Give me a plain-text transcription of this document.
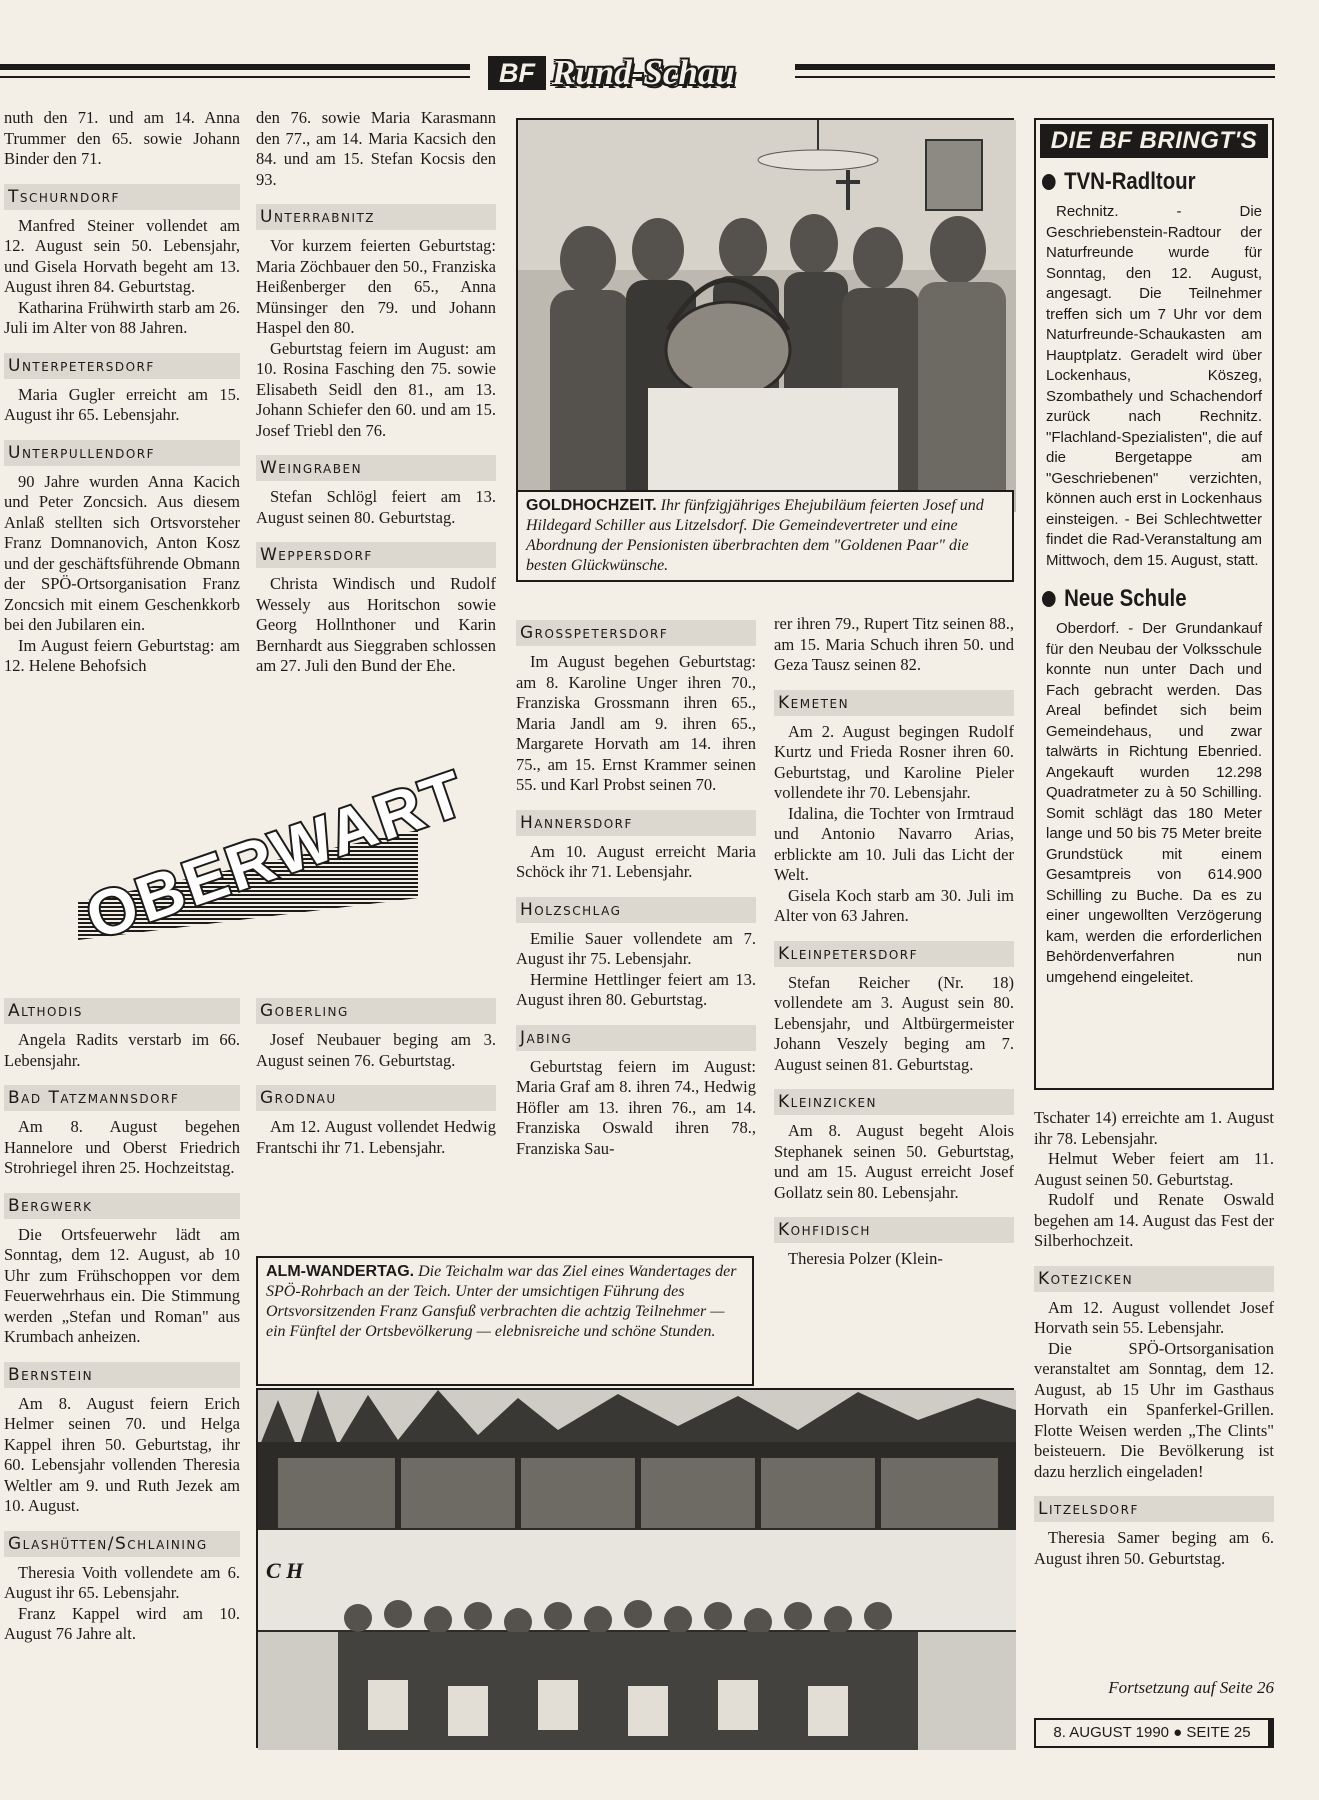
BF Rund-Schau

nuth den 71. und am 14. Anna Trummer den 65. sowie Johann Binder den 71.

Tschurndorf

Manfred Steiner vollendet am 12. August sein 50. Lebensjahr, und Gisela Horvath begeht am 13. August ihren 84. Geburtstag.

Katharina Frühwirth starb am 26. Juli im Alter von 88 Jahren.

Unterpetersdorf

Maria Gugler erreicht am 15. August ihr 65. Lebensjahr.

Unterpullendorf

90 Jahre wurden Anna Kacich und Peter Zoncsich. Aus diesem Anlaß stellten sich Ortsvorsteher Franz Domnanovich, Anton Kosz und der geschäftsführende Obmann der SPÖ-Ortsorganisation Franz Zoncsich mit einem Geschenkkorb bei den Jubilaren ein.

Im August feiern Geburtstag: am 12. Helene Behofsich

den 76. sowie Maria Karasmann den 77., am 14. Maria Kacsich den 84. und am 15. Stefan Kocsis den 93.

Unterrabnitz

Vor kurzem feierten Geburtstag: Maria Zöchbauer den 50., Franziska Heißenberger den 65., Anna Münsinger den 79. und Johann Haspel den 80.

Geburtstag feiern im August: am 10. Rosina Fasching den 75. sowie Elisabeth Seidl den 81., am 13. Johann Schiefer den 60. und am 15. Josef Triebl den 76.

Weingraben

Stefan Schlögl feiert am 13. August seinen 80. Geburtstag.

Weppersdorf

Christa Windisch und Rudolf Wessely aus Horitschon sowie Georg Hollnthoner und Karin Bernhardt aus Sieggraben schlossen am 27. Juli den Bund der Ehe.

OBERWART
Althodis

Angela Radits verstarb im 66. Lebensjahr.

Bad Tatzmannsdorf

Am 8. August begehen Hannelore und Oberst Friedrich Strohriegel ihren 25. Hochzeitstag.

Bergwerk

Die Ortsfeuerwehr lädt am Sonntag, dem 12. August, ab 10 Uhr zum Frühschoppen vor dem Feuerwehrhaus ein. Die Stimmung werden „Stefan und Roman" aus Krumbach anheizen.

Bernstein

Am 8. August feiern Erich Helmer seinen 70. und Helga Kappel ihren 50. Geburtstag, ihr 60. Lebensjahr vollenden Theresia Weltler am 9. und Ruth Jezek am 10. August.

Glashütten/Schlaining

Theresia Voith vollendete am 6. August ihr 65. Lebensjahr.

Franz Kappel wird am 10. August 76 Jahre alt.

Goberling

Josef Neubauer beging am 3. August seinen 76. Geburtstag.

Grodnau

Am 12. August vollendet Hedwig Frantschi ihr 71. Lebensjahr.

GOLDHOCHZEIT. Ihr fünfzigjähriges Ehejubiläum feierten Josef und Hildegard Schiller aus Litzelsdorf. Die Gemeindevertreter und eine Abordnung der Pensionisten überbrachten dem "Goldenen Paar" die besten Glückwünsche.
Grosspetersdorf

Im August begehen Geburtstag: am 8. Karoline Unger ihren 70., Franziska Grossmann ihren 65., Maria Jandl am 9. ihren 65., Margarete Horvath am 14. ihren 75., am 15. Ernst Krammer seinen 55. und Karl Probst seinen 70.

Hannersdorf

Am 10. August erreicht Maria Schöck ihr 71. Lebensjahr.

Holzschlag

Emilie Sauer vollendete am 7. August ihr 75. Lebensjahr.

Hermine Hettlinger feiert am 13. August ihren 80. Geburtstag.

Jabing

Geburtstag feiern im August: Maria Graf am 8. ihren 74., Hedwig Höfler am 13. ihren 76., am 14. Franziska Oswald ihren 78., Franziska Sau-

rer ihren 79., Rupert Titz seinen 88., am 15. Maria Schuch ihren 50. und Geza Tausz seinen 82.

Kemeten

Am 2. August begingen Rudolf Kurtz und Frieda Rosner ihren 60. Geburtstag, und Karoline Pieler vollendete ihr 70. Lebensjahr.

Idalina, die Tochter von Irmtraud und Antonio Navarro Arias, erblickte am 10. Juli das Licht der Welt.

Gisela Koch starb am 30. Juli im Alter von 63 Jahren.

Kleinpetersdorf

Stefan Reicher (Nr. 18) vollendete am 3. August sein 80. Lebensjahr, und Altbürgermeister Johann Veszely beging am 7. August seinen 81. Geburtstag.

Kleinzicken

Am 8. August begeht Alois Stephanek seinen 50. Geburtstag, und am 15. August erreicht Josef Gollatz sein 80. Lebensjahr.

Kohfidisch

Theresia Polzer (Klein-

ALM-WANDERTAG. Die Teichalm war das Ziel eines Wandertages der SPÖ-Rohrbach an der Teich. Unter der umsichtigen Führung des Ortsvorsitzenden Franz Gansfuß verbrachten die achtzig Teilnehmer — ein Fünftel der Ortsbevölkerung — elebnisreiche und schöne Stunden.
C H
DIE BF BRINGT'S
TVN-Radltour

Rechnitz. - Die Geschriebenstein-Radtour der Naturfreunde wurde für Sonntag, den 12. August, angesagt. Die Teilnehmer treffen sich um 7 Uhr vor dem Naturfreunde-Schaukasten am Hauptplatz. Geradelt wird über Lockenhaus, Köszeg, Szombathely und Schachendorf zurück nach Rechnitz. "Flachland-Spezialisten", die auf die Bergetappe am "Geschriebenen" verzichten, können auch erst in Lockenhaus einsteigen. - Bei Schlechtwetter findet die Rad-Veranstaltung am Mittwoch, dem 15. August, statt.

Neue Schule

Oberdorf. - Der Grundankauf für den Neubau der Volksschule konnte nun unter Dach und Fach gebracht werden. Das Areal befindet sich beim Gemeindehaus, und zwar talwärts in Richtung Ebenried. Angekauft wurden 12.298 Quadratmeter zu à 50 Schilling. Somit schlägt das 180 Meter lange und 50 bis 75 Meter breite Grundstück mit einem Gesamtpreis von 614.900 Schilling zu Buche. Da es zu einer ungewollten Verzögerung kam, werden die erforderlichen Behördenverfahren nun umgehend eingeleitet.

Tschater 14) erreichte am 1. August ihr 78. Lebensjahr.

Helmut Weber feiert am 11. August seinen 50. Geburtstag.

Rudolf und Renate Oswald begehen am 14. August das Fest der Silberhochzeit.

Kotezicken

Am 12. August vollendet Josef Horvath sein 55. Lebensjahr.

Die SPÖ-Ortsorganisation veranstaltet am Sonntag, dem 12. August, ab 15 Uhr im Gasthaus Horvath ein Spanferkel-Grillen. Flotte Weisen werden „The Clints" beisteuern. Die Bevölkerung ist dazu herzlich eingeladen!

Litzelsdorf

Theresia Samer beging am 6. August ihren 50. Geburtstag.

Fortsetzung auf Seite 26
8. AUGUST 1990 ● SEITE 25
